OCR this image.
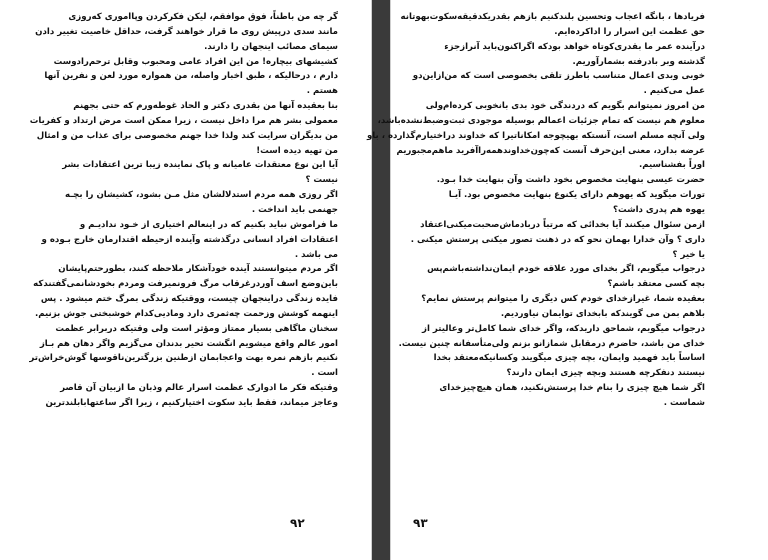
گر چه من باطناً، فوق موافقم، لیکن فکرکردن وپااموری که‌روزی
مانند سدی درپیش روی ما قرار خواهند گرفت، حداقل خاصیت تغییر دادن
سیمای مصائب اینجهان را دارند.
کشیشهای بیچاره! من این افراد عامی ومحبوب وقابل ترحم‌رادوست
دارم ، درحالیکه ، طبق اخبار واصله، من همواره مورد لعن و نفرین آنها
هستم .
بنا بعقیده آنها من بقدری دکتر و الحاد غوطه‌ورم که حتی بجهنم
معمولی بشر هم مرا داخل نیست ، زیرا ممکن است مرض ارتداد و کفریات
من بدیگران سرایت کند ولذا خدا جهنم مخصوصی برای عذاب من و امثال
من تهیه دیده است!
آیا این نوع معتقدات عامیانه و پاک نماینده زیبا ترین اعتقادات بشر
نیست ؟
اگر روزی همه مردم استدلالشان مثل مـن بشود، کشیشان را بچـه
جهنمی باید انداخت .
ما فراموش نباید بکنیم که در اینعالم اختیاری از خـود ندادیـم و
اعتقادات افراد انسانی درگذشته وآینده ازحیطه اقتدارمان خارج بـوده و
می باشد .
اگر مردم میتوانستند آینده خودآشکار ملاحظه کنند، بطورحتم‌پایشان
باین‌وضع اسف آوردرغرقاب مرگ فرونمیرفت ومردم بخودشانمی‌گفتندکه
فایده زندگی دراینجهان چیست، ووقتیکه زندگی بمرگ ختم میشود . پس
اینهمه کوشش وزحمت چه‌ثمری دارد ومادیی‌کدام خوشبختی جوش بزنیم.
سخنان ماگاهی بسیار ممتاز ومؤثر است ولی وقتیکه دربرابر عظمت
امور عالم واقع میشویم انگشت تحیر بدندان می‌گزیم واگر دهان هم بـاز
نکنیم بازهم نمره بهت واعجابمان ازطنین بزرگترین‌ناقوسها گوش‌خراش‌تر
است .
وقتیکه فکر ما ادوارک عظمت اسرار عالم وذبان ما ازبیان آن قاصر
وعاجز میماند، فقط باید سکوت اختیارکنیم ، زیرا اگر ساعتها‌بابلندترین
۹۲
فریادها ، بانگه اعجاب وتحسین بلندکنیم بازهم بقدریکدقیقه‌سکوت‌بهوتانه
حق عظمت این اسرار را اداکرده‌ایم.
درآینده عمر ما بقدری‌کوتاه خواهد بودکه اگراکنون‌باید آنرازجزء
گذشته و‌بر بادرفته بشمارآوریم.
خوبی وبدی اعمال متناسب باطرز تلقی بخصوصی است که من‌ازاین‌دو
عمل می‌کنیم .
من امروز نمیتوانم بگویم که دردندگی خود بدی بانخوبی کرده‌ام‌ولی
معلوم هم نیست که تمام جزئیات اعمالم بوسیله موجودی ثبت‌وضبط‌نشده‌باشد،
ولی آنچه مسلم است، آنستکه بهیچوجه امکاناتیرا که خداوند دراختیارم‌گذارده ، باو
عرضه بدارد، معنی این‌حرف آنست که‌چون‌خداوندهمه‌را‌آفرید ماهم‌مجبوریم
اوراً بفشناسیم.
حضرت عیسی بنهایت مخصوص بخود داشت وآن بنهایت خدا بـود.
تورات میگوید که یهوهم دارای یکنوع بنهایت مخصوص بود. آیـا
یهوه هم پدری داشت؟
ازمن سئوال میکنند آیا بخدائی که مرتباً دربادماش‌صحبت‌میکنی‌اعتقاد
داری ؟ وآن خدارا بهمان نحو که در ذهنت تصور میکنی پرستش میکنی .
یا خیر ؟
درجواب میگویم، اگر بخدای مورد علاقه خودم ایمان‌نداشته‌باشم‌پس
بچه کسی معتقد باشم؟
بعقیده شما، غیرازخدای خودم کس دیگری را میتوانم پرستش نمایم؟
بلاهم بمن می گویندکه بابخدای توایمان نیاوردیم.
درجواب میگویم، شماحق داریدکه، واگر خدای شما کامل‌تر وعالیتر از
خدای من باشد، حاضرم درمقابل شمازانو بزنم ولی‌متأسفانه چنین نیست.
اساساً باید فهمید وایمان، بچه چیزی میگویند وکسانیکه‌معتقد بخدا
نیستند دنفکرچه هستند وبچه چیزی ایمان دارند؟
اگر شما هیچ چیزی را بنام خدا پرستش‌نکنید، همان هیچ‌چیزخدای
شماست .
۹۳
